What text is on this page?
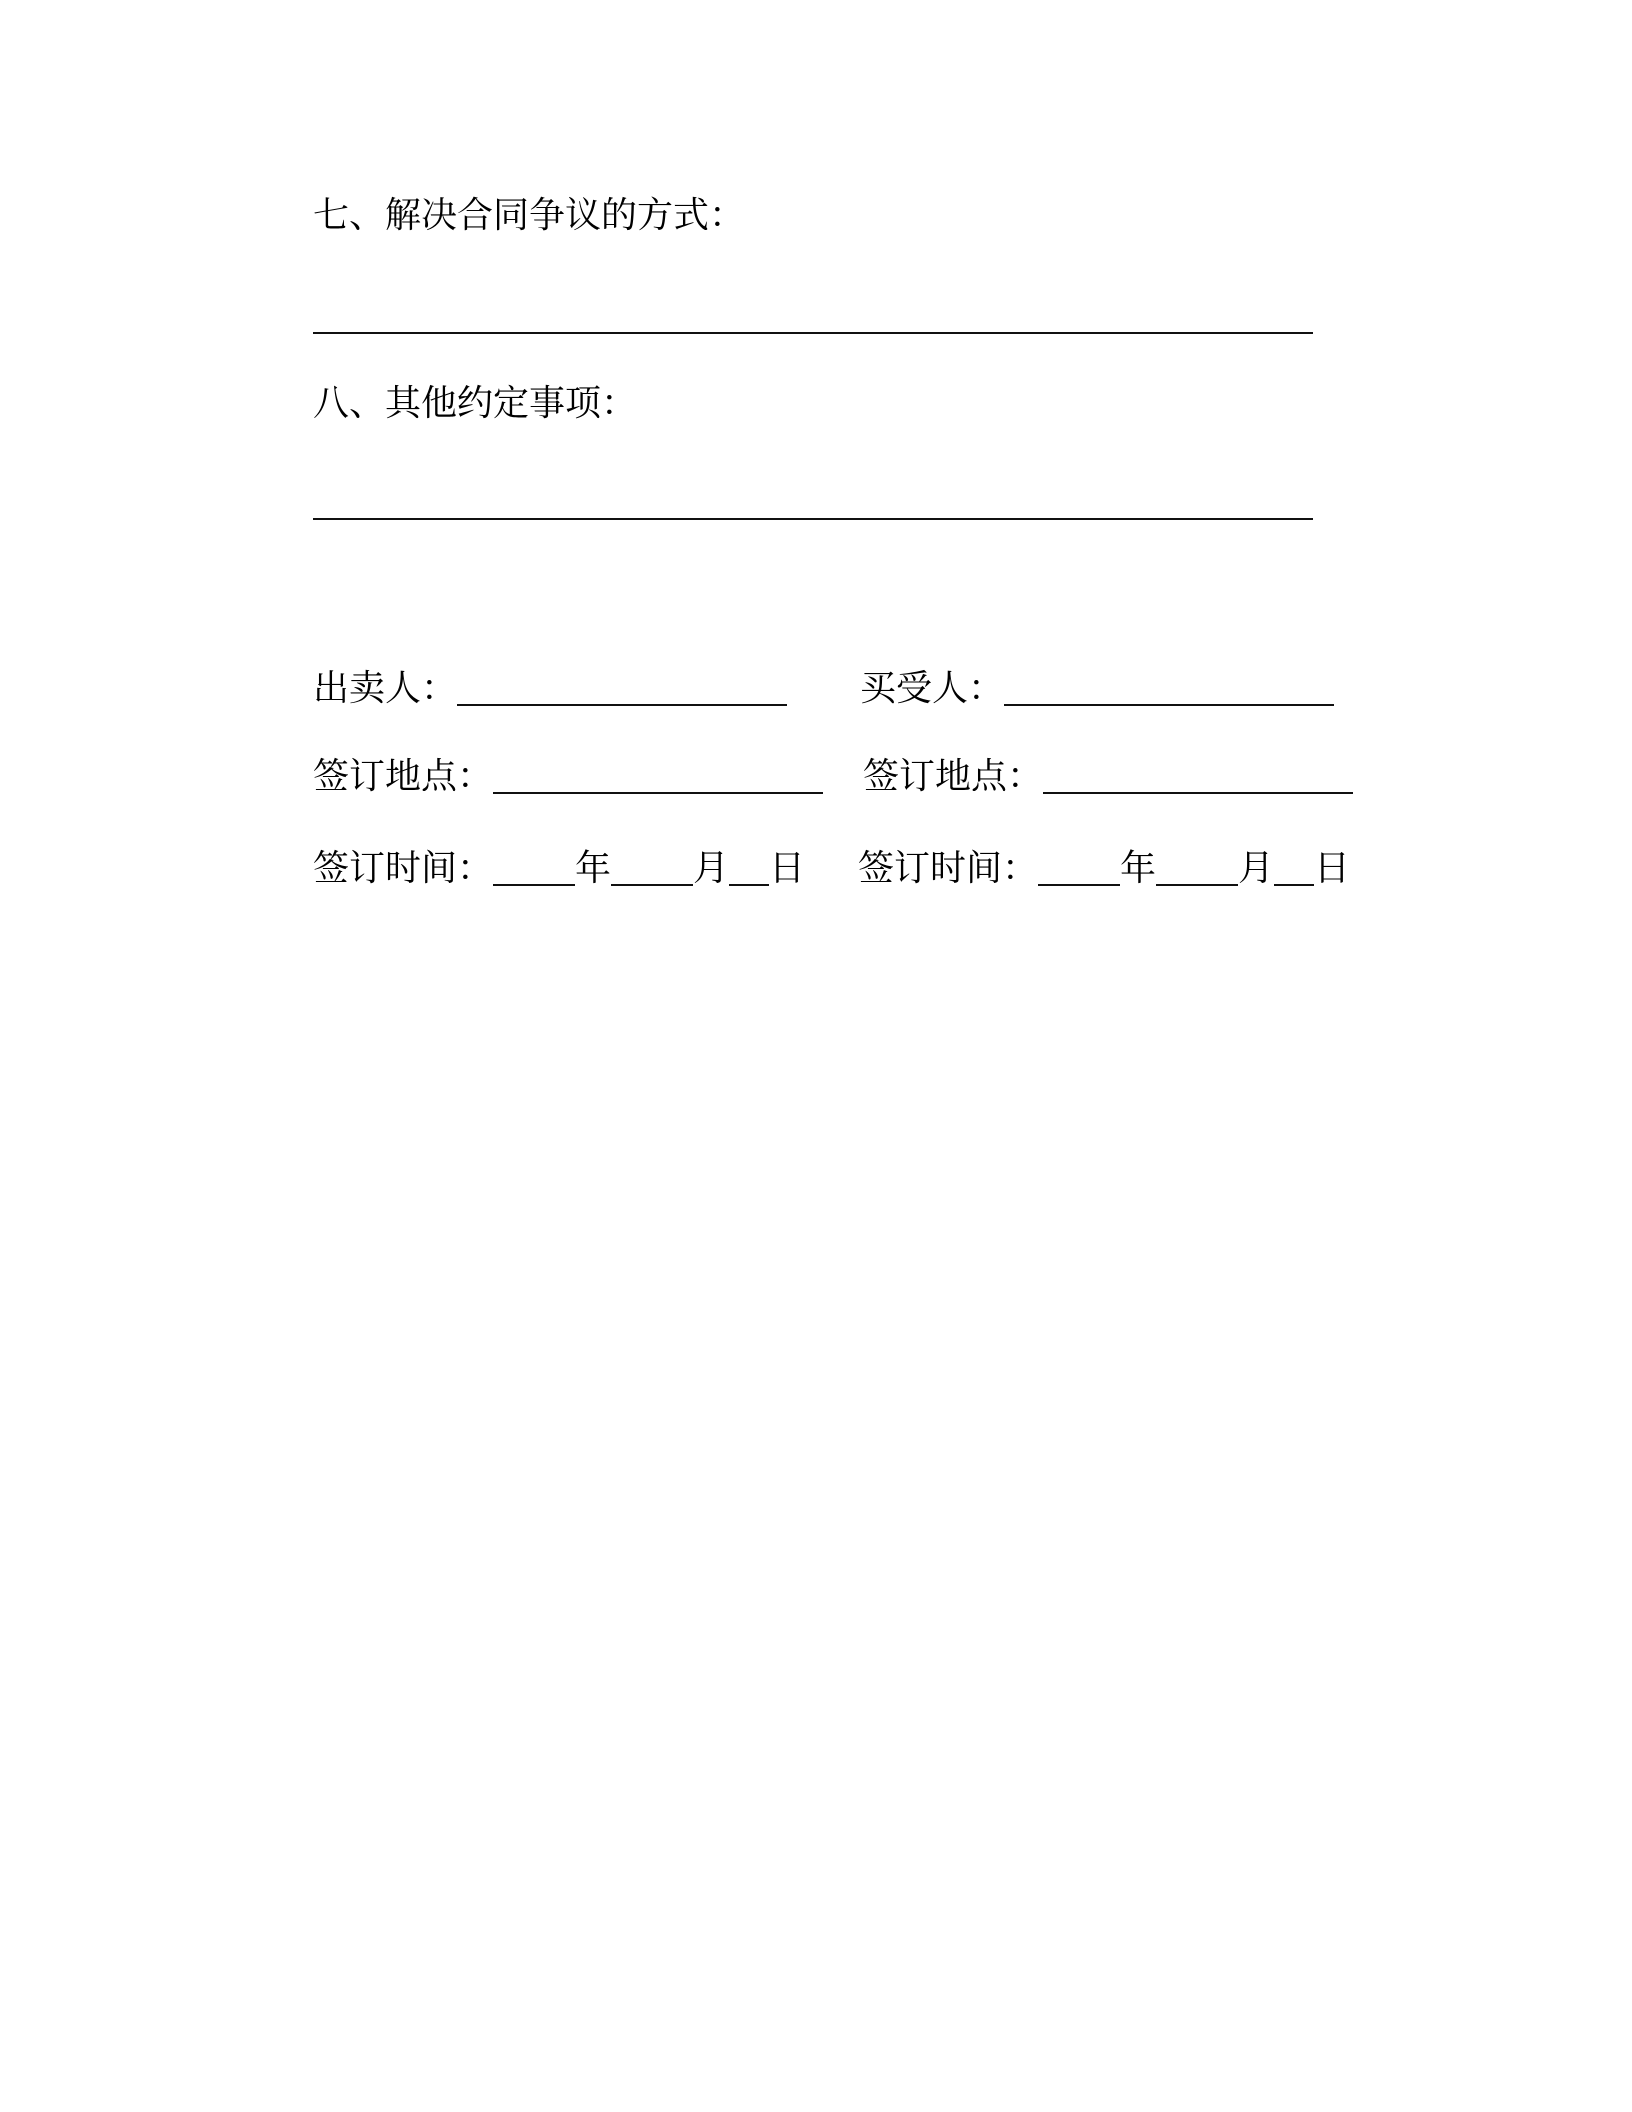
七、解决合同争议的方式：
八、其他约定事项：
出卖人：	买受人：
签订地点：	签订地点：
签订时间： 年 月 日 签订时间： 年 月 日
